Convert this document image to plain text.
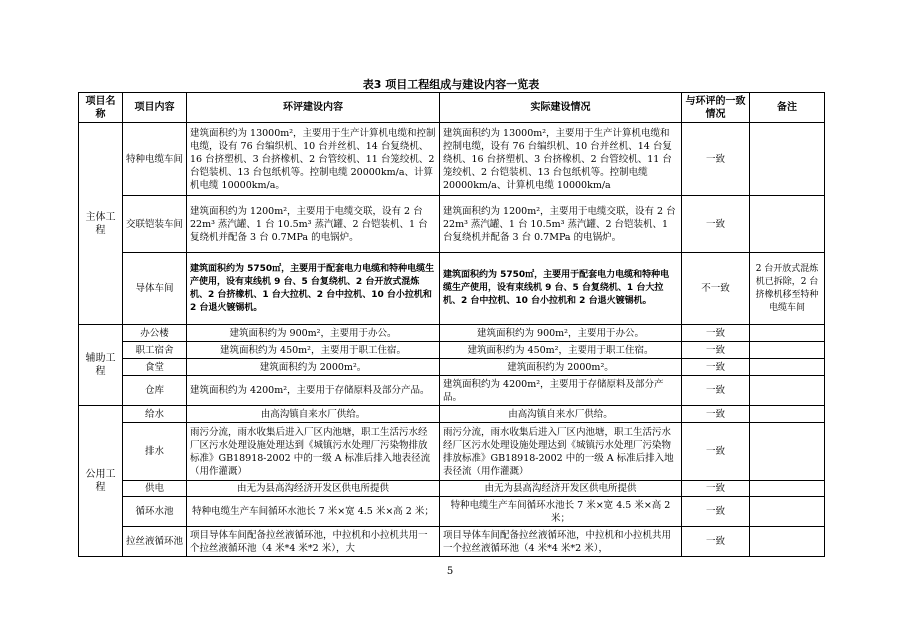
表3 项目工程组成与建设内容一览表
项目名称	项目内容	环评建设内容	实际建设情况	与环评的一致情况	备注
主体工程	特种电缆车间	建筑面积约为 13000m²，主要用于生产计算机电缆和控制电缆，设有 76 台编织机、10 台并丝机、14 台复绕机、16 台挤塑机、3 台挤橡机、2 台管绞机、11 台笼绞机、2 台铠装机、13 台包纸机等。控制电缆 20000km/a、计算机电缆 10000km/a。	建筑面积约为 13000m²，主要用于生产计算机电缆和控制电缆，设有 76 台编织机、10 台并丝机、14 台复绕机、16 台挤塑机、3 台挤橡机、2 台管绞机、11 台笼绞机、2 台铠装机、13 台包纸机等。控制电缆 20000km/a、计算机电缆 10000km/a	一致	
	交联铠装车间	建筑面积约为 1200m²，主要用于电缆交联，设有 2 台 22m³ 蒸汽罐、1 台 10.5m³ 蒸汽罐、2 台铠装机、1 台复绕机并配备 3 台 0.7MPa 的电锅炉。	建筑面积约为 1200m²，主要用于电缆交联，设有 2 台 22m³ 蒸汽罐、1 台 10.5m³ 蒸汽罐、2 台铠装机、1 台复绕机并配备 3 台 0.7MPa 的电锅炉。	一致	
	导体车间	建筑面积约为 5750㎡，主要用于配套电力电缆和特种电缆生产使用，设有束线机 9 台、5 台复绕机、2 台开放式混炼机、2 台挤橡机、1 台大拉机、2 台中拉机、10 台小拉机和 2 台退火镀锡机。	建筑面积约为 5750㎡，主要用于配套电力电缆和特种电缆生产使用，设有束线机 9 台、5 台复绕机、1 台大拉机、2 台中拉机、10 台小拉机和 2 台退火镀锡机。	不一致	2 台开放式混炼机已拆除，2 台挤橡机移至特种电缆车间
辅助工程	办公楼	建筑面积约为 900m²，主要用于办公。	建筑面积约为 900m²，主要用于办公。	一致	
	职工宿舍	建筑面积约为 450m²，主要用于职工住宿。	建筑面积约为 450m²，主要用于职工住宿。	一致	
	食堂	建筑面积约为 2000m²。	建筑面积约为 2000m²。	一致	
	仓库	建筑面积约为 4200m²，主要用于存储原料及部分产品。	建筑面积约为 4200m²，主要用于存储原料及部分产品。	一致	
公用工程	给水	由高沟镇自来水厂供给。	由高沟镇自来水厂供给。	一致	
	排水	雨污分流，雨水收集后进入厂区内池塘，职工生活污水经厂区污水处理设施处理达到《城镇污水处理厂污染物排放标准》GB18918-2002 中的一级 A 标准后排入地表径流（用作灌溉）	雨污分流，雨水收集后进入厂区内池塘，职工生活污水经厂区污水处理设施处理达到《城镇污水处理厂污染物排放标准》GB18918-2002 中的一级 A 标准后排入地表径流（用作灌溉）	一致	
	供电	由无为县高沟经济开发区供电所提供	由无为县高沟经济开发区供电所提供	一致	
	循环水池	特种电缆生产车间循环水池长 7 米×宽 4.5 米×高 2 米；	特种电缆生产车间循环水池长 7 米×宽 4.5 米×高 2 米；	一致	
	拉丝液循环池	项目导体车间配备拉丝液循环池，中拉机和小拉机共用一个拉丝液循环池（4 米*4 米*2 米），大	项目导体车间配备拉丝液循环池，中拉机和小拉机共用一个拉丝液循环池（4 米*4 米*2 米），	一致	
5
